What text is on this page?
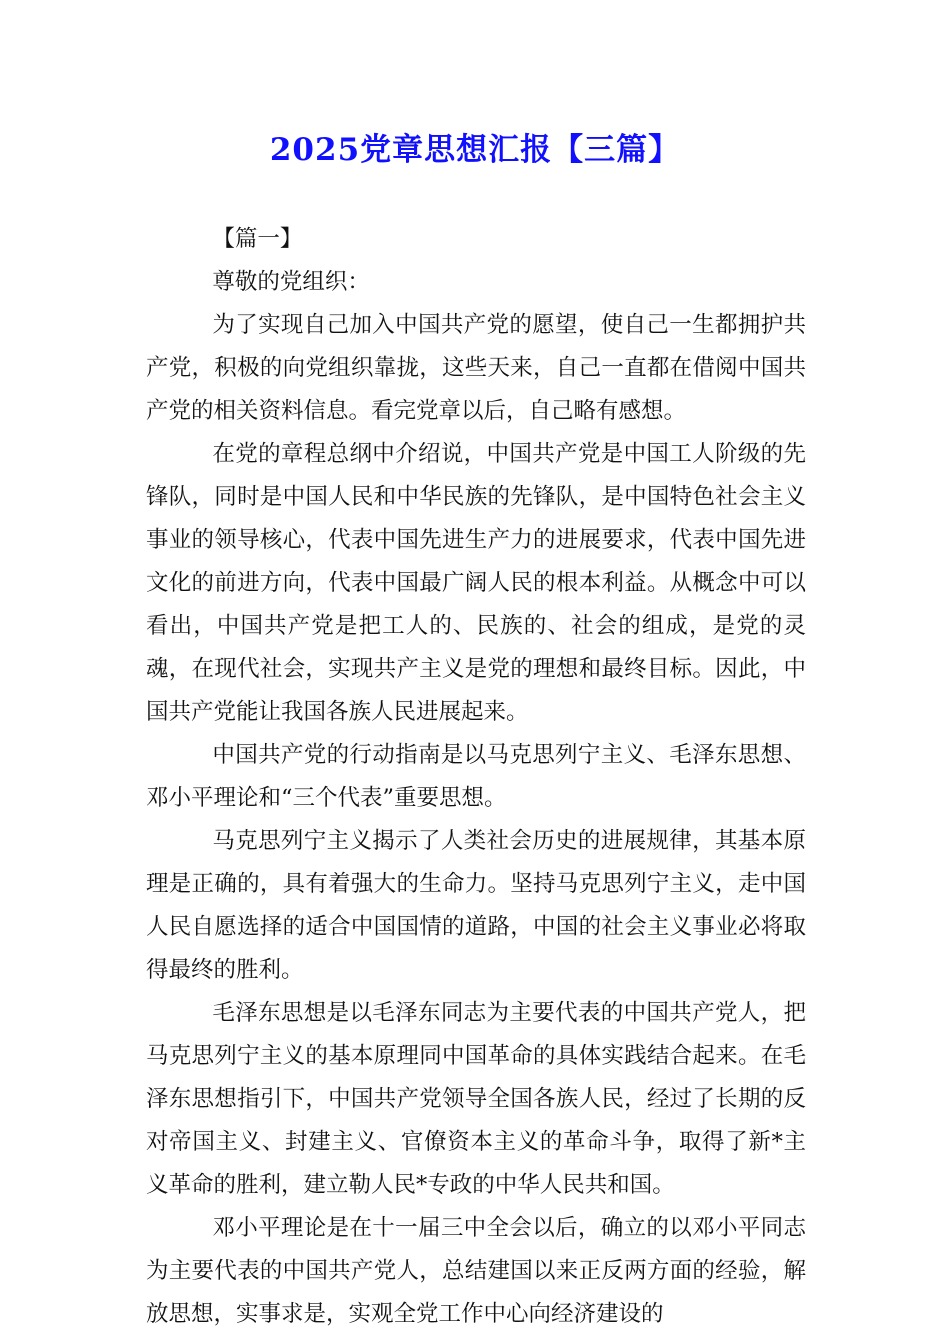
2025党章思想汇报【三篇】

【篇一】

尊敬的党组织：

为了实现自己加入中国共产党的愿望，使自己一生都拥护共产党，积极的向党组织靠拢，这些天来，自己一直都在借阅中国共产党的相关资料信息。看完党章以后，自己略有感想。

在党的章程总纲中介绍说，中国共产党是中国工人阶级的先锋队，同时是中国人民和中华民族的先锋队，是中国特色社会主义事业的领导核心，代表中国先进生产力的进展要求，代表中国先进文化的前进方向，代表中国最广阔人民的根本利益。从概念中可以看出，中国共产党是把工人的、民族的、社会的组成，是党的灵魂，在现代社会，实现共产主义是党的理想和最终目标。因此，中国共产党能让我国各族人民进展起来。

中国共产党的行动指南是以马克思列宁主义、毛泽东思想、邓小平理论和“三个代表”重要思想。

马克思列宁主义揭示了人类社会历史的进展规律，其基本原理是正确的，具有着强大的生命力。坚持马克思列宁主义，走中国人民自愿选择的适合中国国情的道路，中国的社会主义事业必将取得最终的胜利。

毛泽东思想是以毛泽东同志为主要代表的中国共产党人，把马克思列宁主义的基本原理同中国革命的具体实践结合起来。在毛泽东思想指引下，中国共产党领导全国各族人民，经过了长期的反对帝国主义、封建主义、官僚资本主义的革命斗争，取得了新*主义革命的胜利，建立勒人民*专政的中华人民共和国。

邓小平理论是在十一届三中全会以后，确立的以邓小平同志为主要代表的中国共产党人，总结建国以来正反两方面的经验，解放思想，实事求是，实观全党工作中心向经济建设的
